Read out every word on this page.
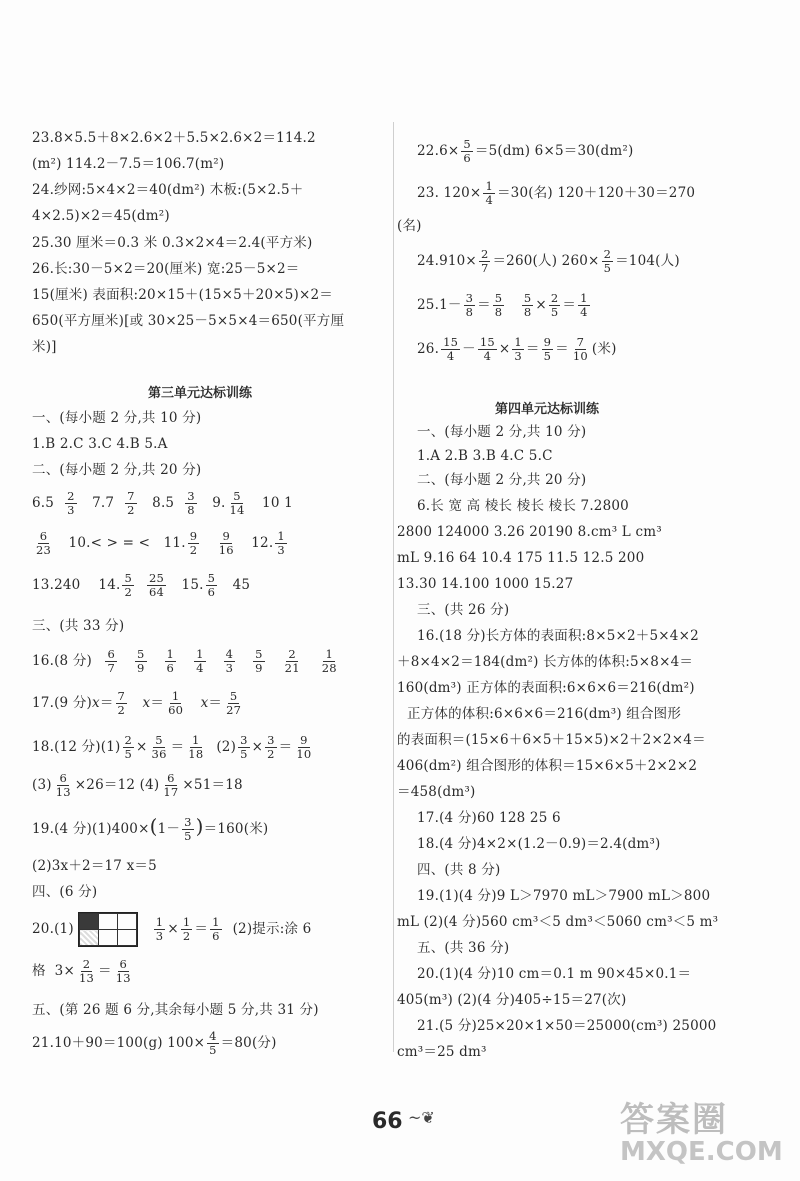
23.8×5.5＋8×2.6×2＋5.5×2.6×2＝114.2
(m²) 114.2－7.5＝106.7(m²)
24.纱网:5×4×2＝40(dm²) 木板:(5×2.5＋
4×2.5)×2＝45(dm²)
25.30 厘米＝0.3 米 0.3×2×4＝2.4(平方米)
26.长:30－5×2＝20(厘米) 宽:25－5×2＝
15(厘米) 表面积:20×15＋(15×5＋20×5)×2＝
650(平方厘米)[或 30×25－5×5×4＝650(平方厘
米)]
第三单元达标训练
一、(每小题 2 分,共 10 分)
1.B 2.C 3.C 4.B 5.A
二、(每小题 2 分,共 20 分)
$6.5 \frac{2}{3} 7.7 \frac{7}{2} 8.5 \frac{3}{8} 9$. $\frac{5}{14} 10$ 1
$\frac{6}{23} 10.<$ > = < 11. $\frac{9}{2}$
$\frac{9}{16} 12$. $\frac{1}{3}$
13.240 14. $\frac{5}{2}$
$\frac{25}{64} 15$. $\frac{5}{6} 45$
三、(共 33 分)
16.(8 分) $\frac{6}{7} \frac{5}{9} \frac{1}{6} \frac{1}{4} \frac{4}{3} \frac{5}{9} \frac{2}{21} \frac{1}{28}$
17.(9 分)$x= \frac{7}{2} x= \frac{1}{60} x= \frac{5}{27}$
18.(12 分)$(1) \frac{2}{5} \times \frac{5}{36} = \frac{1}{18} (2) \frac{3}{5} \times \frac{3}{2} = \frac{9}{10}$
$(3) \frac{6}{13} \times 26=12$ $(4) \frac{6}{17} \times 51=18$
19.(4 分)$(1)400\times(1- \frac{3}{5} )=160$(米)
(2)3x＋2＝17 x＝5
四、(6 分)
20.(1)

	$\frac{1}{3} \times \frac{1}{2} = \frac{1}{6} (2)$提示:涂 6
格  $3\times \frac{2}{13} = \frac{6}{13}$
五、(第 26 题 6 分,其余每小题 5 分,共 31 分)
21.10＋90＝100(g) $100\times \frac{4}{5} =80$(分)
$22.6\times \frac{5}{6} =5(dm)$ 6×5＝30(dm²)
23. $120\times \frac{1}{4} =30$(名) 120＋120＋30＝270
(名)
$24.910\times \frac{2}{7} =260$(人) $260\times \frac{2}{5} =104$(人)
$25.1- \frac{3}{8} = \frac{5}{8}$
$\frac{5}{8} \times \frac{2}{5} = \frac{1}{4}$
26. $\frac{15}{4} - \frac{15}{4} \times \frac{1}{3} = \frac{9}{5} = \frac{7}{10}$ (米)
第四单元达标训练
一、(每小题 2 分,共 10 分)
1.A 2.B 3.B 4.C 5.C
二、(每小题 2 分,共 20 分)
6.长 宽 高 棱长 棱长 棱长 7.2800
2800 124000 3.26 20190 8.cm³ L cm³
mL 9.16 64 10.4 175 11.5 12.5 200
13.30 14.100 1000 15.27
三、(共 26 分)
16.(18 分)长方体的表面积:8×5×2＋5×4×2
＋8×4×2＝184(dm²) 长方体的体积:5×8×4＝
160(dm³) 正方体的表面积:6×6×6＝216(dm²)
正方体的体积:6×6×6＝216(dm³) 组合图形
的表面积＝(15×6＋6×5＋15×5)×2＋2×2×4＝
406(dm²) 组合图形的体积＝15×6×5＋2×2×2
＝458(dm³)
17.(4 分)60 128 25 6
18.(4 分)4×2×(1.2－0.9)＝2.4(dm³)
四、(共 8 分)
19.(1)(4 分)9 L＞7970 mL＞7900 mL＞800
mL (2)(4 分)560 cm³＜5 dm³＜5060 cm³＜5 m³
五、(共 36 分)
20.(1)(4 分)10 cm＝0.1 m 90×45×0.1＝
405(m³) (2)(4 分)405÷15＝27(次)
21.(5 分)25×20×1×50＝25000(cm³) 25000
cm³＝25 dm³
66 ~❦	答案圈
MXQE.COM
